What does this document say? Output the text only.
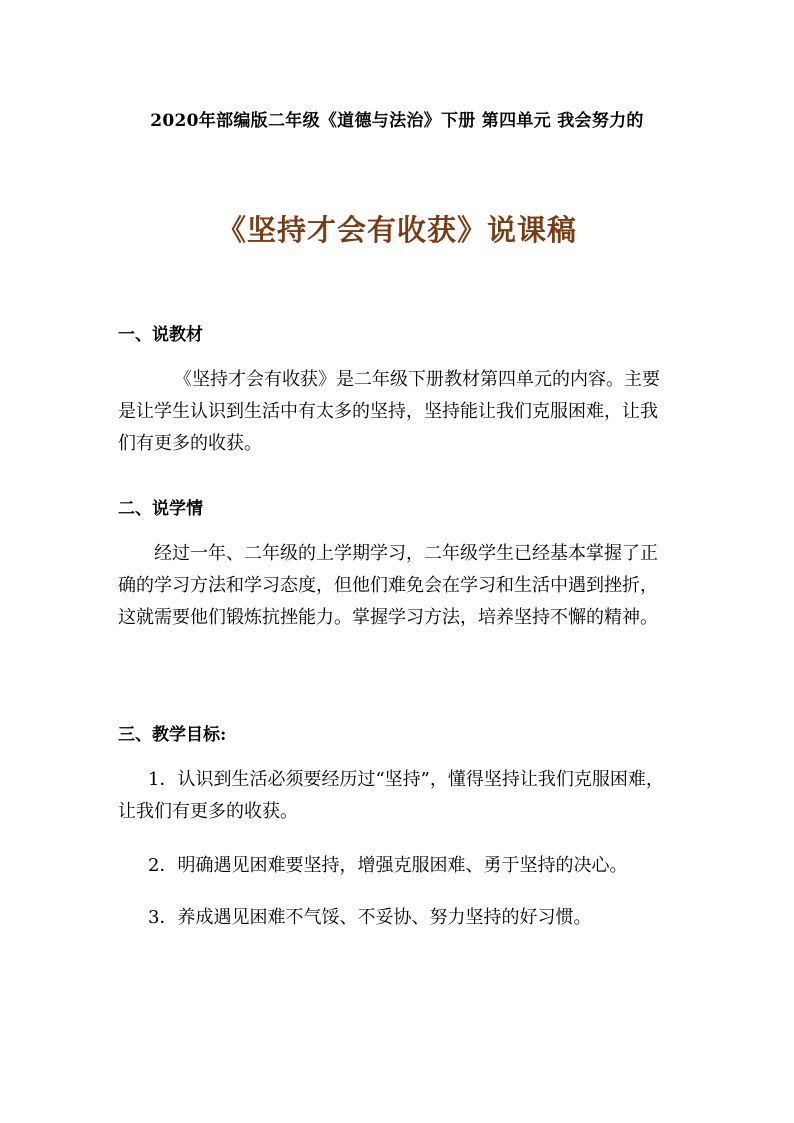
2020年部编版二年级《道德与法治》下册 第四单元 我会努力的
《坚持才会有收获》说课稿
一、说教材
《坚持才会有收获》是二年级下册教材第四单元的内容。主要
是让学生认识到生活中有太多的坚持，坚持能让我们克服困难，让我
们有更多的收获。
二、说学情
经过一年、二年级的上学期学习，二年级学生已经基本掌握了正
确的学习方法和学习态度，但他们难免会在学习和生活中遇到挫折，
这就需要他们锻炼抗挫能力。掌握学习方法，培养坚持不懈的精神。
三、教学目标:
1．认识到生活必须要经历过“坚持”，懂得坚持让我们克服困难，
让我们有更多的收获。
2．明确遇见困难要坚持，增强克服困难、勇于坚持的决心。
3．养成遇见困难不气馁、不妥协、努力坚持的好习惯。
